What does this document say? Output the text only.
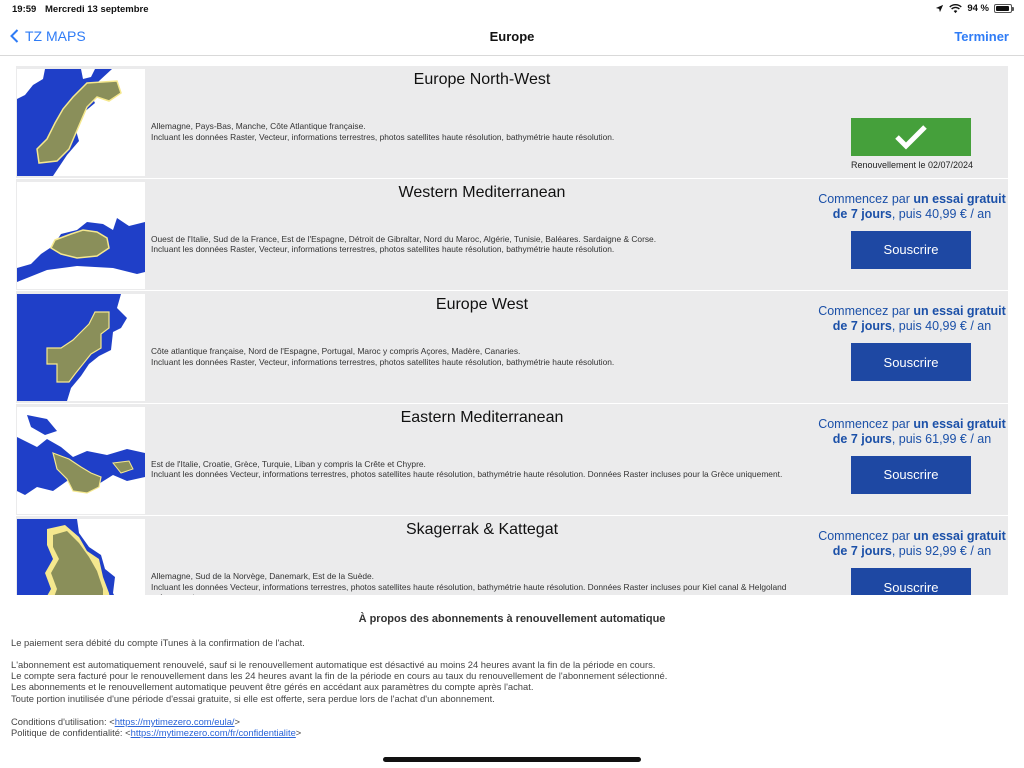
19:59 Mercredi 13 septembre	94 %
TZ MAPS	Europe	Terminer
Europe North-West
Allemagne, Pays-Bas, Manche, Côte Atlantique française.
Incluant les données Raster, Vecteur, informations terrestres, photos satellites haute résolution, bathymétrie haute résolution.
Renouvellement le 02/07/2024
Western Mediterranean
Ouest de l'Italie, Sud de la France, Est de l'Espagne, Détroit de Gibraltar, Nord du Maroc, Algérie, Tunisie, Baléares. Sardaigne & Corse.
Incluant les données Raster, Vecteur, informations terrestres, photos satellites haute résolution, bathymétrie haute résolution.
Commencez par un essai gratuit de 7 jours, puis 40,99 € / an
Souscrire
Europe West
Côte atlantique française, Nord de l'Espagne, Portugal, Maroc y compris Açores, Madère, Canaries.
Incluant les données Raster, Vecteur, informations terrestres, photos satellites haute résolution, bathymétrie haute résolution.
Commencez par un essai gratuit de 7 jours, puis 40,99 € / an
Souscrire
Eastern Mediterranean
Est de l'Italie, Croatie, Grèce, Turquie, Liban y compris la Crête et Chypre.
Incluant les données Vecteur, informations terrestres, photos satellites haute résolution, bathymétrie haute résolution. Données Raster incluses pour la Grèce uniquement.
Commencez par un essai gratuit de 7 jours, puis 61,99 € / an
Souscrire
Skagerrak & Kattegat
Allemagne, Sud de la Norvège, Danemark, Est de la Suède.
Incluant les données Vecteur, informations terrestres, photos satellites haute résolution, bathymétrie haute résolution. Données Raster incluses pour Kiel canal & Helgoland
Commencez par un essai gratuit de 7 jours, puis 92,99 € / an
Souscrire
À propos des abonnements à renouvellement automatique
Le paiement sera débité du compte iTunes à la confirmation de l'achat.
L'abonnement est automatiquement renouvelé, sauf si le renouvellement automatique est désactivé au moins 24 heures avant la fin de la période en cours.
Le compte sera facturé pour le renouvellement dans les 24 heures avant la fin de la période en cours au taux du renouvellement de l'abonnement sélectionné.
Les abonnements et le renouvellement automatique peuvent être gérés en accédant aux paramètres du compte après l'achat.
Toute portion inutilisée d'une période d'essai gratuite, si elle est offerte, sera perdue lors de l'achat d'un abonnement.
Conditions d'utilisation: <https://mytimezero.com/eula/>
Politique de confidentialité: <https://mytimezero.com/fr/confidentialite>
